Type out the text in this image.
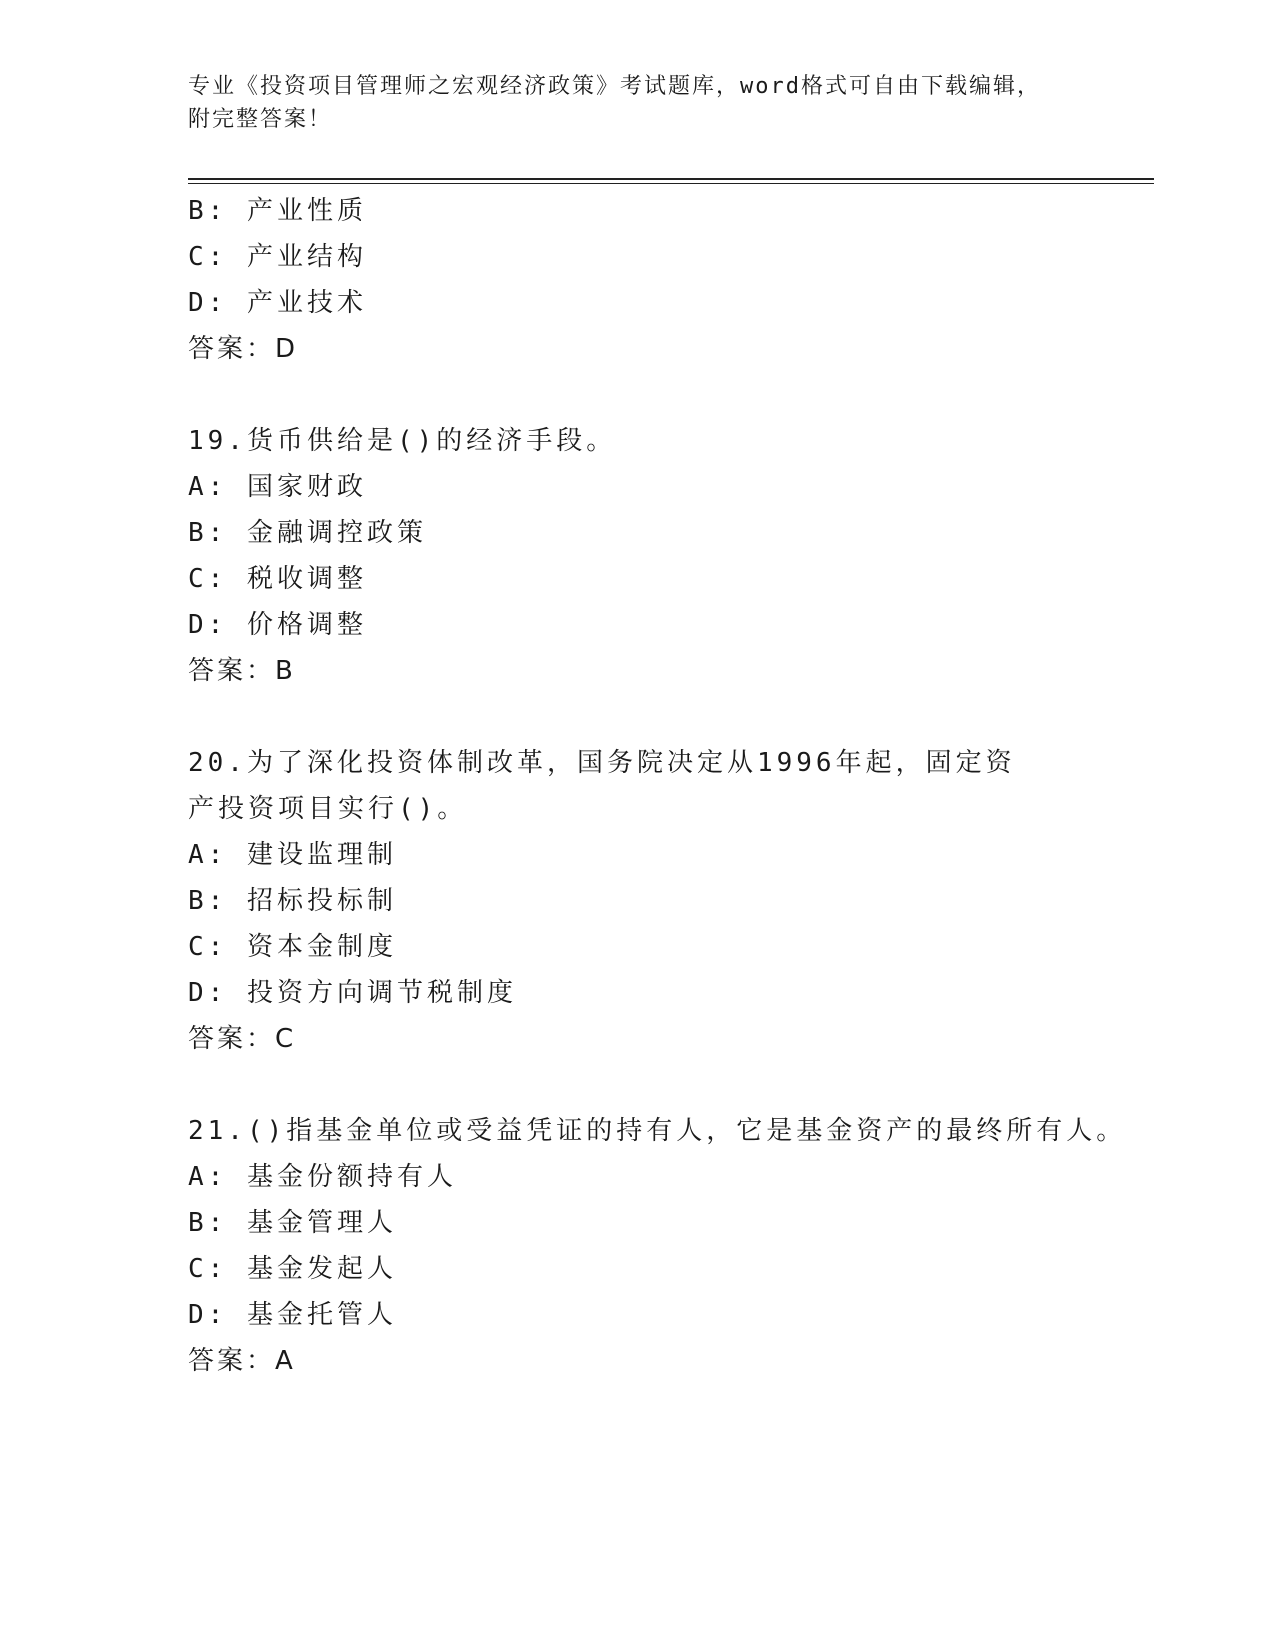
专业《投资项目管理师之宏观经济政策》考试题库，word格式可自由下载编辑，
附完整答案！
B: 产业性质
C: 产业结构
D: 产业技术
答案：D
19.货币供给是()的经济手段。
A: 国家财政
B: 金融调控政策
C: 税收调整
D: 价格调整
答案：B
20.为了深化投资体制改革，国务院决定从1996年起，固定资产投资项目实行()。
A: 建设监理制
B: 招标投标制
C: 资本金制度
D: 投资方向调节税制度
答案：C
21.()指基金单位或受益凭证的持有人，它是基金资产的最终所有人。
A: 基金份额持有人
B: 基金管理人
C: 基金发起人
D: 基金托管人
答案：A
